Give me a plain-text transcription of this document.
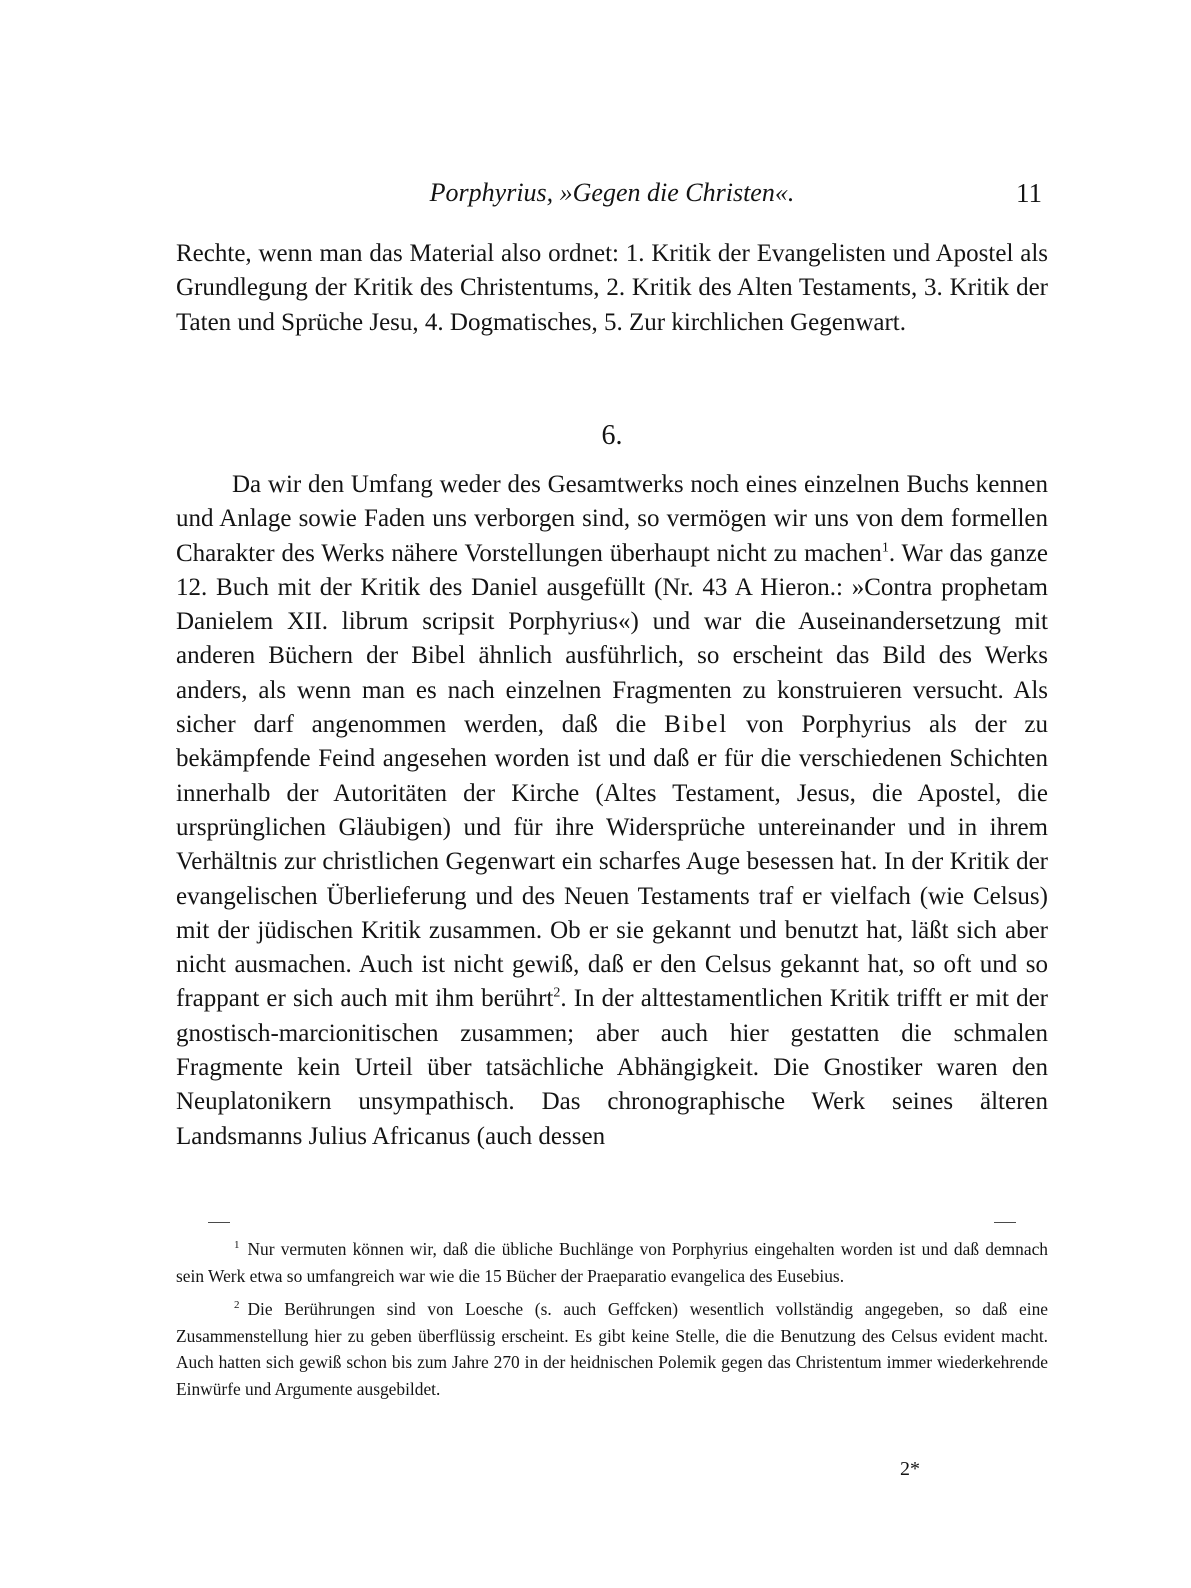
Porphyrius, »Gegen die Christen«.	11

Rechte, wenn man das Material also ordnet: 1. Kritik der Evangelisten und Apostel als Grundlegung der Kritik des Christentums, 2. Kritik des Alten Testaments, 3. Kritik der Taten und Sprüche Jesu, 4. Dogmatisches, 5. Zur kirchlichen Gegenwart.

6.

Da wir den Umfang weder des Gesamtwerks noch eines einzelnen Buchs kennen und Anlage sowie Faden uns verborgen sind, so vermögen wir uns von dem formellen Charakter des Werks nähere Vorstellungen überhaupt nicht zu machen$^1$. War das ganze 12. Buch mit der Kritik des Daniel ausgefüllt (Nr. 43 A Hieron.: »Contra prophetam Danielem XII. librum scripsit Porphyrius«) und war die Auseinandersetzung mit anderen Büchern der Bibel ähnlich ausführlich, so erscheint das Bild des Werks anders, als wenn man es nach einzelnen Fragmenten zu konstruieren versucht. Als sicher darf angenommen werden, daß die Bibel von Porphyrius als der zu bekämpfende Feind angesehen worden ist und daß er für die verschiedenen Schichten innerhalb der Autoritäten der Kirche (Altes Testament, Jesus, die Apostel, die ursprünglichen Gläubigen) und für ihre Widersprüche untereinander und in ihrem Verhältnis zur christlichen Gegenwart ein scharfes Auge besessen hat. In der Kritik der evangelischen Überlieferung und des Neuen Testaments traf er vielfach (wie Celsus) mit der jüdischen Kritik zusammen. Ob er sie gekannt und benutzt hat, läßt sich aber nicht ausmachen. Auch ist nicht gewiß, daß er den Celsus gekannt hat, so oft und so frappant er sich auch mit ihm berührt$^2$. In der alttestamentlichen Kritik trifft er mit der gnostisch-marcionitischen zusammen; aber auch hier gestatten die schmalen Fragmente kein Urteil über tatsächliche Abhängigkeit. Die Gnostiker waren den Neuplatonikern unsympathisch. Das chronographische Werk seines älteren Landsmanns Julius Africanus (auch dessen

$^1$ Nur vermuten können wir, daß die übliche Buchlänge von Porphyrius eingehalten worden ist und daß demnach sein Werk etwa so umfangreich war wie die 15 Bücher der Praeparatio evangelica des Eusebius.

$^2$ Die Berührungen sind von Loesche (s. auch Geffcken) wesentlich vollständig angegeben, so daß eine Zusammenstellung hier zu geben überflüssig erscheint. Es gibt keine Stelle, die die Benutzung des Celsus evident macht. Auch hatten sich gewiß schon bis zum Jahre 270 in der heidnischen Polemik gegen das Christentum immer wiederkehrende Einwürfe und Argumente ausgebildet.

2*
